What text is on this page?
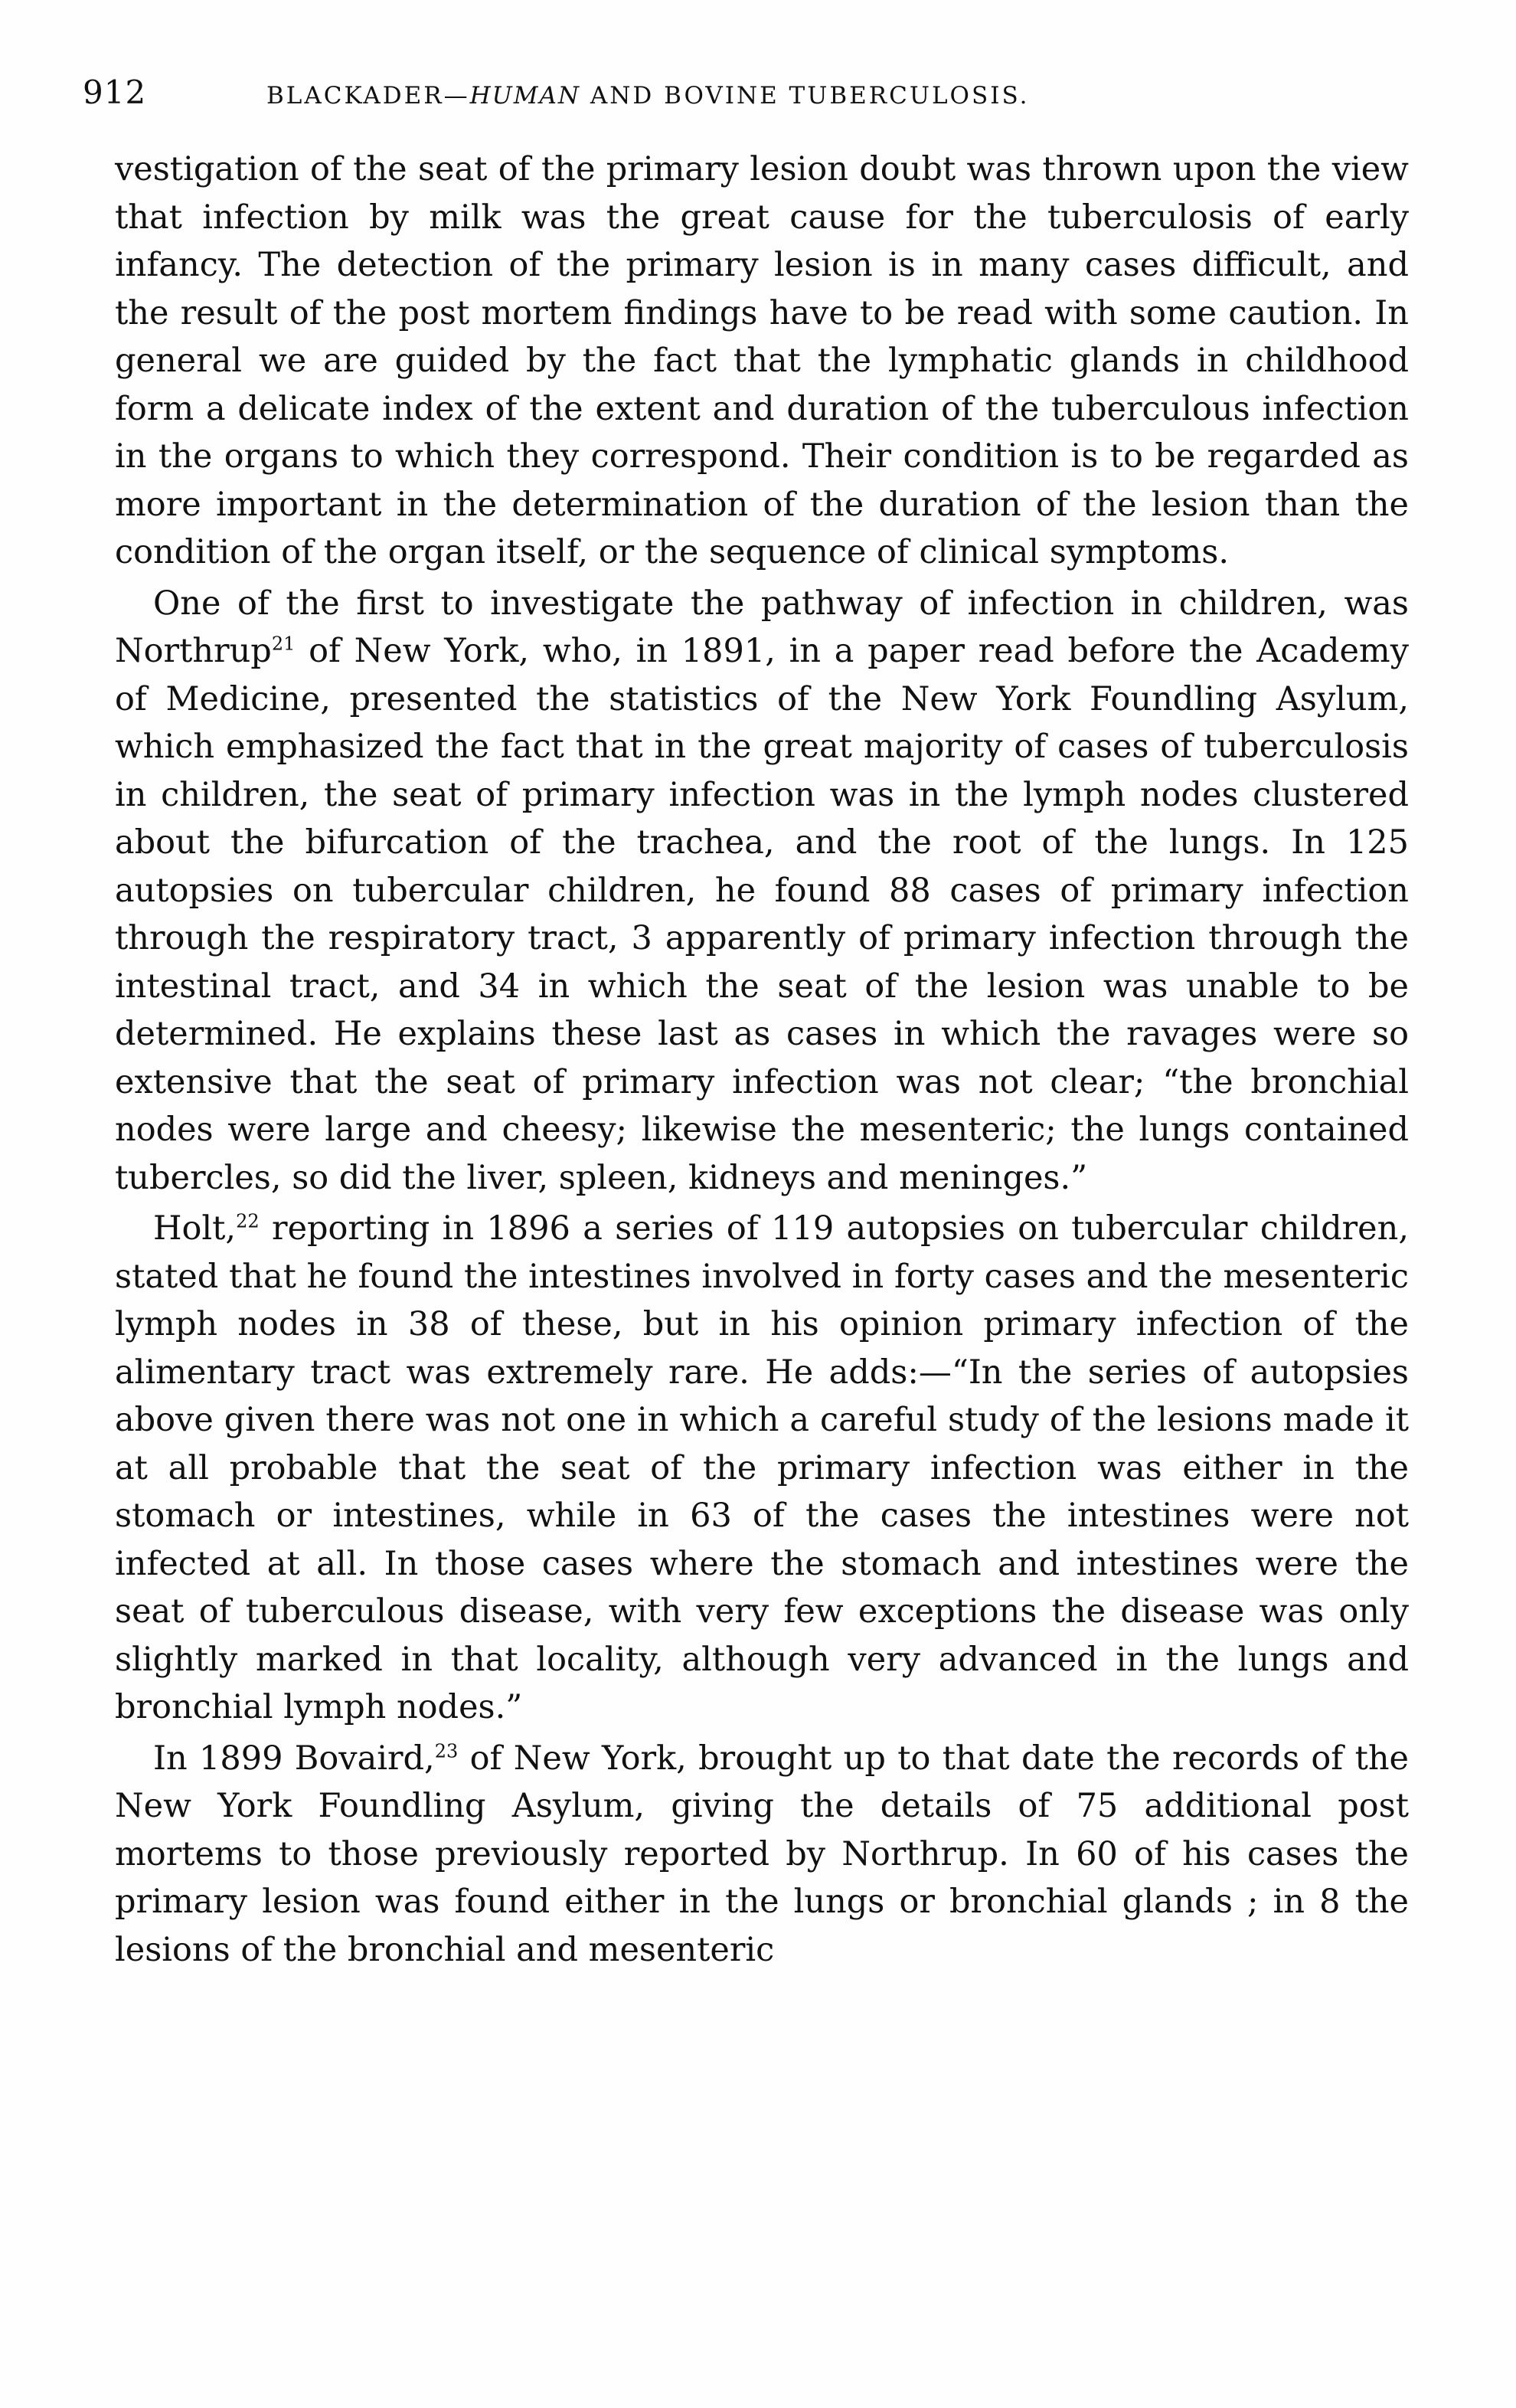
912	BLACKADER—HUMAN AND BOVINE TUBERCULOSIS.

vestigation of the seat of the primary lesion doubt was thrown upon the view that infection by milk was the great cause for the tuberculosis of early infancy. The detection of the primary lesion is in many cases difficult, and the result of the post mortem findings have to be read with some caution. In general we are guided by the fact that the lymphatic glands in childhood form a delicate index of the extent and duration of the tuberculous infection in the organs to which they correspond. Their condition is to be regarded as more important in the determination of the duration of the lesion than the condition of the organ itself, or the sequence of clinical symptoms.

One of the first to investigate the pathway of infection in children, was Northrup$^{21}$ of New York, who, in 1891, in a paper read before the Academy of Medicine, presented the statistics of the New York Foundling Asylum, which emphasized the fact that in the great majority of cases of tuberculosis in children, the seat of primary infection was in the lymph nodes clustered about the bifurcation of the trachea, and the root of the lungs. In 125 autopsies on tubercular children, he found 88 cases of primary infection through the respiratory tract, 3 apparently of primary infection through the intestinal tract, and 34 in which the seat of the lesion was unable to be determined. He explains these last as cases in which the ravages were so extensive that the seat of primary infection was not clear; “the bronchial nodes were large and cheesy; likewise the mesenteric; the lungs contained tubercles, so did the liver, spleen, kidneys and meninges.”

Holt,$^{22}$ reporting in 1896 a series of 119 autopsies on tubercular children, stated that he found the intestines involved in forty cases and the mesenteric lymph nodes in 38 of these, but in his opinion primary infection of the alimentary tract was extremely rare. He adds:—“In the series of autopsies above given there was not one in which a careful study of the lesions made it at all probable that the seat of the primary infection was either in the stomach or intestines, while in 63 of the cases the intestines were not infected at all. In those cases where the stomach and intestines were the seat of tuberculous disease, with very few exceptions the disease was only slightly marked in that locality, although very advanced in the lungs and bronchial lymph nodes.”

In 1899 Bovaird,$^{23}$ of New York, brought up to that date the records of the New York Foundling Asylum, giving the details of 75 additional post mortems to those previously reported by Northrup. In 60 of his cases the primary lesion was found either in the lungs or bronchial glands ; in 8 the lesions of the bronchial and mesenteric
